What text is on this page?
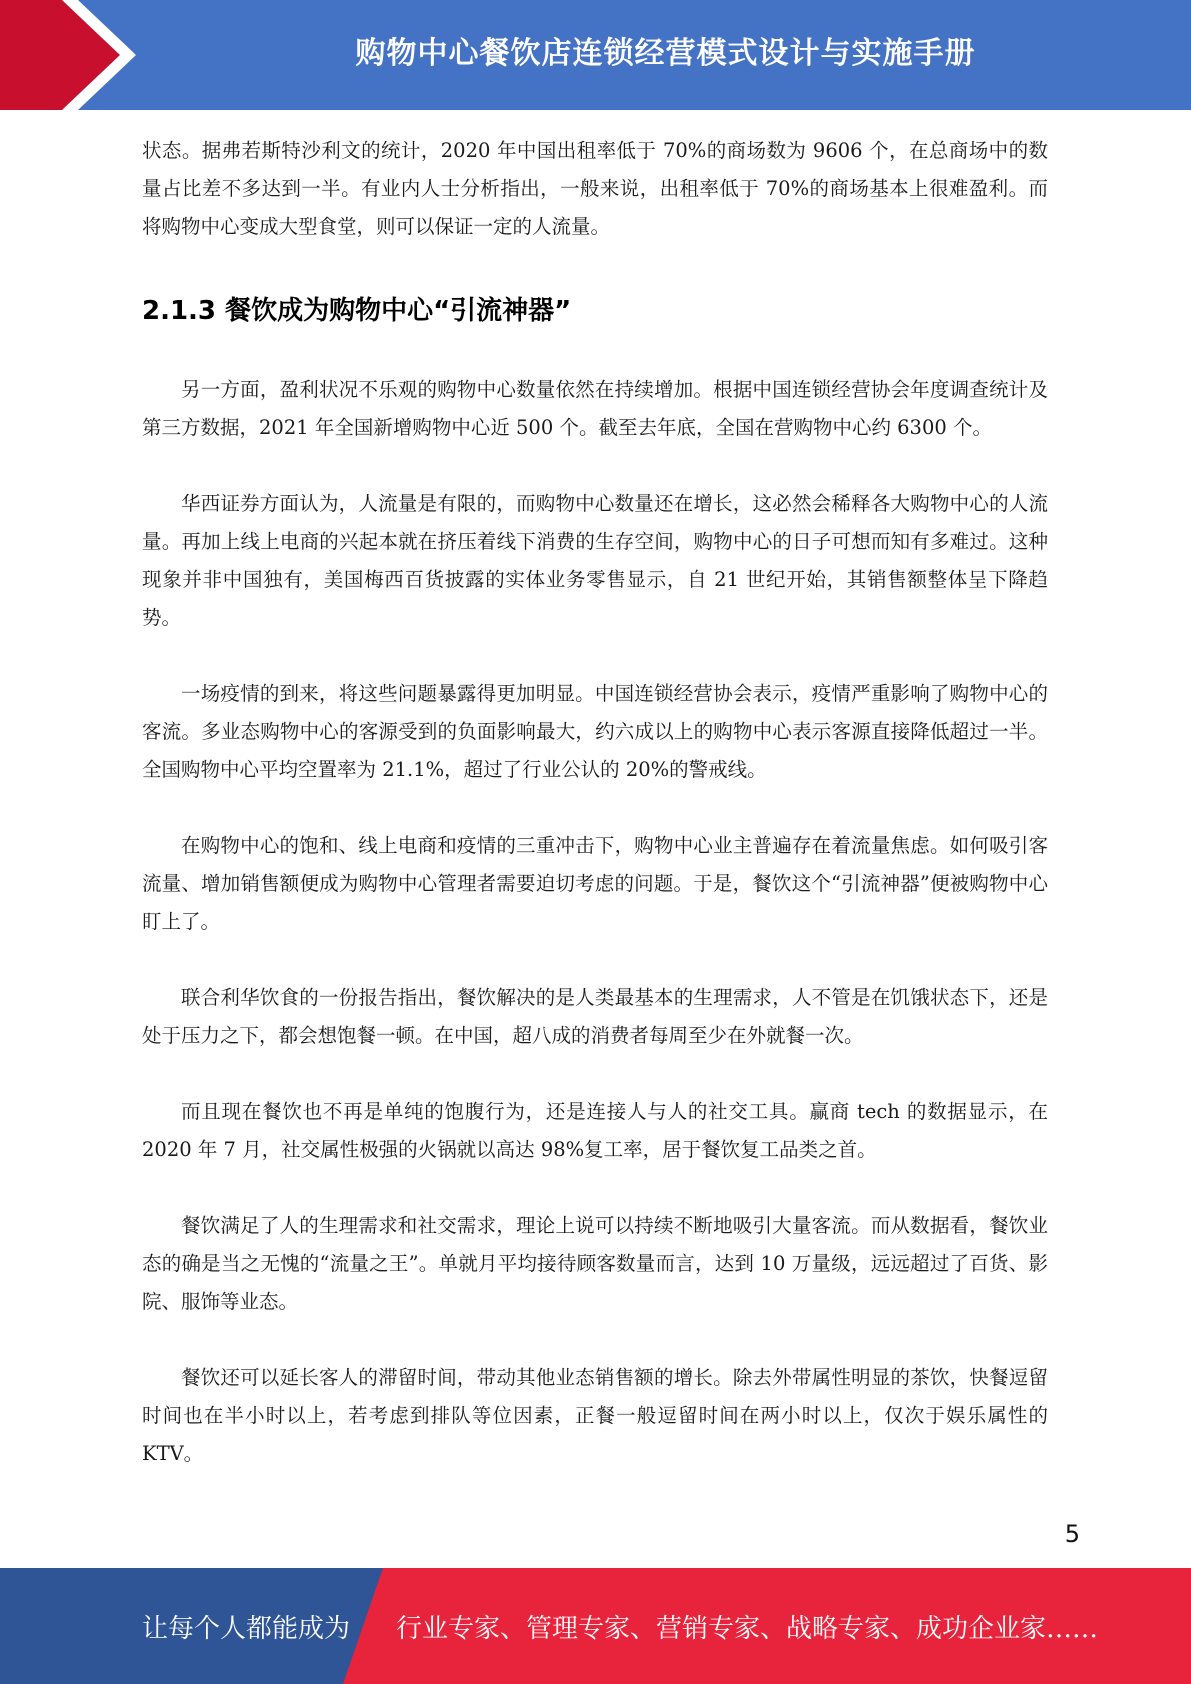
购物中心餐饮店连锁经营模式设计与实施手册

状态。据弗若斯特沙利文的统计，2020 年中国出租率低于 70%的商场数为 9606 个，在总商场中的数量占比差不多达到一半。有业内人士分析指出，一般来说，出租率低于 70%的商场基本上很难盈利。而将购物中心变成大型食堂，则可以保证一定的人流量。

2.1.3 餐饮成为购物中心“引流神器”

另一方面，盈利状况不乐观的购物中心数量依然在持续增加。根据中国连锁经营协会年度调查统计及第三方数据，2021 年全国新增购物中心近 500 个。截至去年底，全国在营购物中心约 6300 个。

华西证券方面认为，人流量是有限的，而购物中心数量还在增长，这必然会稀释各大购物中心的人流量。再加上线上电商的兴起本就在挤压着线下消费的生存空间，购物中心的日子可想而知有多难过。这种现象并非中国独有，美国梅西百货披露的实体业务零售显示，自 21 世纪开始，其销售额整体呈下降趋势。

一场疫情的到来，将这些问题暴露得更加明显。中国连锁经营协会表示，疫情严重影响了购物中心的客流。多业态购物中心的客源受到的负面影响最大，约六成以上的购物中心表示客源直接降低超过一半。全国购物中心平均空置率为 21.1%，超过了行业公认的 20%的警戒线。

在购物中心的饱和、线上电商和疫情的三重冲击下，购物中心业主普遍存在着流量焦虑。如何吸引客流量、增加销售额便成为购物中心管理者需要迫切考虑的问题。于是，餐饮这个“引流神器”便被购物中心盯上了。

联合利华饮食的一份报告指出，餐饮解决的是人类最基本的生理需求，人不管是在饥饿状态下，还是处于压力之下，都会想饱餐一顿。在中国，超八成的消费者每周至少在外就餐一次。

而且现在餐饮也不再是单纯的饱腹行为，还是连接人与人的社交工具。赢商 tech 的数据显示，在 2020 年 7 月，社交属性极强的火锅就以高达 98%复工率，居于餐饮复工品类之首。

餐饮满足了人的生理需求和社交需求，理论上说可以持续不断地吸引大量客流。而从数据看，餐饮业态的确是当之无愧的“流量之王”。单就月平均接待顾客数量而言，达到 10 万量级，远远超过了百货、影院、服饰等业态。

餐饮还可以延长客人的滞留时间，带动其他业态销售额的增长。除去外带属性明显的茶饮，快餐逗留时间也在半小时以上，若考虑到排队等位因素，正餐一般逗留时间在两小时以上，仅次于娱乐属性的 KTV。

5
让每个人都能成为 行业专家、管理专家、营销专家、战略专家、成功企业家……
